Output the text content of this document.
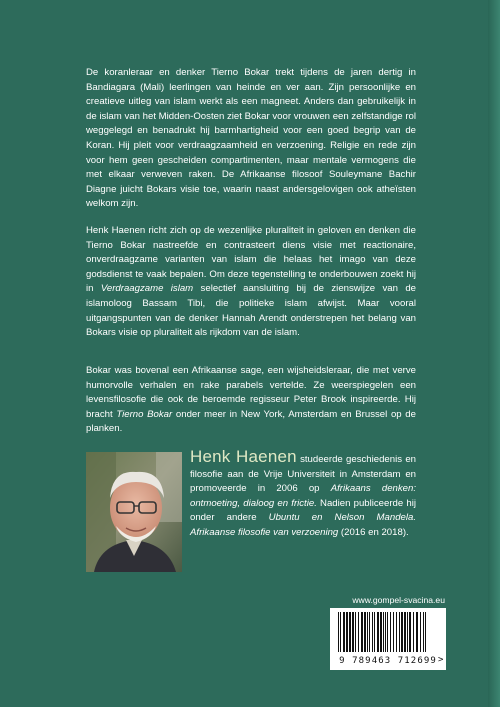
De koranleraar en denker Tierno Bokar trekt tijdens de jaren dertig in Bandiagara (Mali) leerlingen van heinde en ver aan. Zijn persoonlijke en creatieve uitleg van islam werkt als een magneet. Anders dan gebruikelijk in de islam van het Midden-Oosten ziet Bokar voor vrouwen een zelfstandige rol weggelegd en benadrukt hij barmhartigheid voor een goed begrip van de Koran. Hij pleit voor verdraagzaamheid en verzoening. Religie en rede zijn voor hem geen gescheiden compartimenten, maar mentale vermogens die met elkaar verweven raken. De Afrikaanse filosoof Souleymane Bachir Diagne juicht Bokars visie toe, waarin naast andersgelovigen ook atheïsten welkom zijn.

Henk Haenen richt zich op de wezenlijke pluraliteit in geloven en denken die Tierno Bokar nastreefde en contrasteert diens visie met reactionaire, onverdraagzame varianten van islam die helaas het imago van deze godsdienst te vaak bepalen. Om deze tegenstelling te onderbouwen zoekt hij in Verdraagzame islam selectief aansluiting bij de zienswijze van de islamoloog Bassam Tibi, die politieke islam afwijst. Maar vooral uitgangspunten van de denker Hannah Arendt onderstrepen het belang van Bokars visie op pluraliteit als rijkdom van de islam.

Bokar was bovenal een Afrikaanse sage, een wijsheidsleraar, die met verve humorvolle verhalen en rake parabels vertelde. Ze weerspiegelen een levensfilosofie die ook de beroemde regisseur Peter Brook inspireerde. Hij bracht Tierno Bokar onder meer in New York, Amsterdam en Brussel op de planken.

Henk Haenen studeerde geschiedenis en filosofie aan de Vrije Universiteit in Amsterdam en promoveerde in 2006 op Afrikaans denken: ontmoeting, dialoog en frictie. Nadien publiceerde hij onder andere Ubuntu en Nelson Mandela. Afrikaanse filosofie van verzoening (2016 en 2018).
www.gompel-svacina.eu
9 789463 712699 >
